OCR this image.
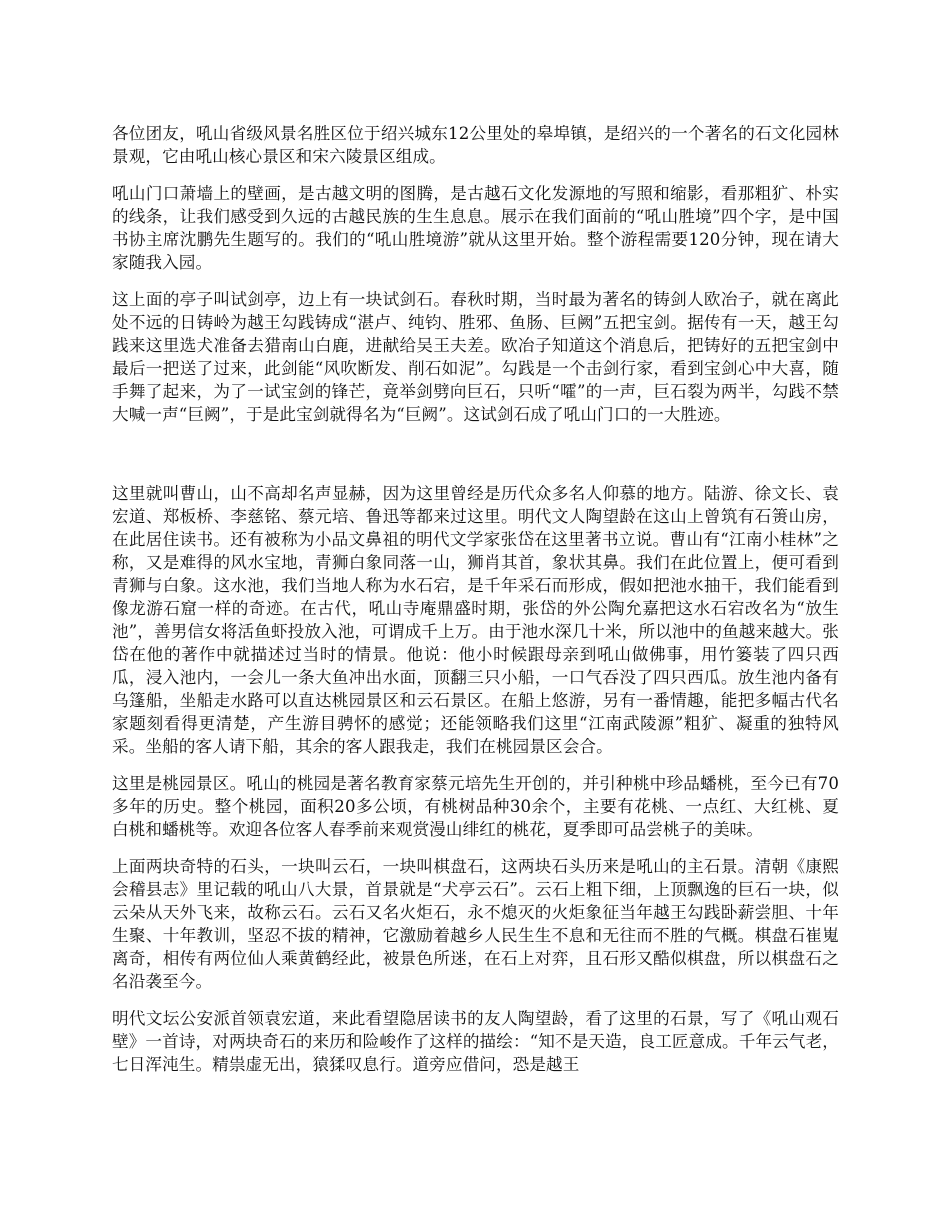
各位团友，吼山省级风景名胜区位于绍兴城东12公里处的皋埠镇，是绍兴的一个著名的石文化园林景观，它由吼山核心景区和宋六陵景区组成。

吼山门口萧墙上的壁画，是古越文明的图腾，是古越石文化发源地的写照和缩影，看那粗犷、朴实的线条，让我们感受到久远的古越民族的生生息息。展示在我们面前的“吼山胜境”四个字，是中国书协主席沈鹏先生题写的。我们的“吼山胜境游”就从这里开始。整个游程需要120分钟，现在请大家随我入园。

这上面的亭子叫试剑亭，边上有一块试剑石。春秋时期，当时最为著名的铸剑人欧冶子，就在离此处不远的日铸岭为越王勾践铸成“湛卢、纯钧、胜邪、鱼肠、巨阙”五把宝剑。据传有一天，越王勾践来这里选犬准备去猎南山白鹿，进献给吴王夫差。欧冶子知道这个消息后，把铸好的五把宝剑中最后一把送了过来，此剑能“风吹断发、削石如泥”。勾践是一个击剑行家，看到宝剑心中大喜，随手舞了起来，为了一试宝剑的锋芒，竟举剑劈向巨石，只听“嚯”的一声，巨石裂为两半，勾践不禁大喊一声“巨阙”，于是此宝剑就得名为“巨阙”。这试剑石成了吼山门口的一大胜迹。

这里就叫曹山，山不高却名声显赫，因为这里曾经是历代众多名人仰慕的地方。陆游、徐文长、袁宏道、郑板桥、李慈铭、蔡元培、鲁迅等都来过这里。明代文人陶望龄在这山上曾筑有石箦山房，在此居住读书。还有被称为小品文鼻祖的明代文学家张岱在这里著书立说。曹山有“江南小桂林”之称，又是难得的风水宝地，青狮白象同落一山，狮肖其首，象状其鼻。我们在此位置上，便可看到青狮与白象。这水池，我们当地人称为水石宕，是千年采石而形成，假如把池水抽干，我们能看到像龙游石窟一样的奇迹。在古代，吼山寺庵鼎盛时期，张岱的外公陶允嘉把这水石宕改名为“放生池”，善男信女将活鱼虾投放入池，可谓成千上万。由于池水深几十米，所以池中的鱼越来越大。张岱在他的著作中就描述过当时的情景。他说：他小时候跟母亲到吼山做佛事，用竹篓装了四只西瓜，浸入池内，一会儿一条大鱼冲出水面，顶翻三只小船，一口气吞没了四只西瓜。放生池内备有乌篷船，坐船走水路可以直达桃园景区和云石景区。在船上悠游，另有一番情趣，能把多幅古代名家题刻看得更清楚，产生游目骋怀的感觉；还能领略我们这里“江南武陵源”粗犷、凝重的独特风采。坐船的客人请下船，其余的客人跟我走，我们在桃园景区会合。

这里是桃园景区。吼山的桃园是著名教育家蔡元培先生开创的，并引种桃中珍品蟠桃，至今已有70多年的历史。整个桃园，面积20多公顷，有桃树品种30余个，主要有花桃、一点红、大红桃、夏白桃和蟠桃等。欢迎各位客人春季前来观赏漫山绯红的桃花，夏季即可品尝桃子的美味。

上面两块奇特的石头，一块叫云石，一块叫棋盘石，这两块石头历来是吼山的主石景。清朝《康熙会稽县志》里记载的吼山八大景，首景就是“犬亭云石”。云石上粗下细，上顶飘逸的巨石一块，似云朵从天外飞来，故称云石。云石又名火炬石，永不熄灭的火炬象征当年越王勾践卧薪尝胆、十年生聚、十年教训，坚忍不拔的精神，它激励着越乡人民生生不息和无往而不胜的气概。棋盘石崔嵬离奇，相传有两位仙人乘黄鹤经此，被景色所迷，在石上对弈，且石形又酷似棋盘，所以棋盘石之名沿袭至今。

明代文坛公安派首领袁宏道，来此看望隐居读书的友人陶望龄，看了这里的石景，写了《吼山观石壁》一首诗，对两块奇石的来历和险峻作了这样的描绘：“知不是天造，良工匠意成。千年云气老，七日浑沌生。精祟虚无出，猿猱叹息行。道旁应借问，恐是越王
